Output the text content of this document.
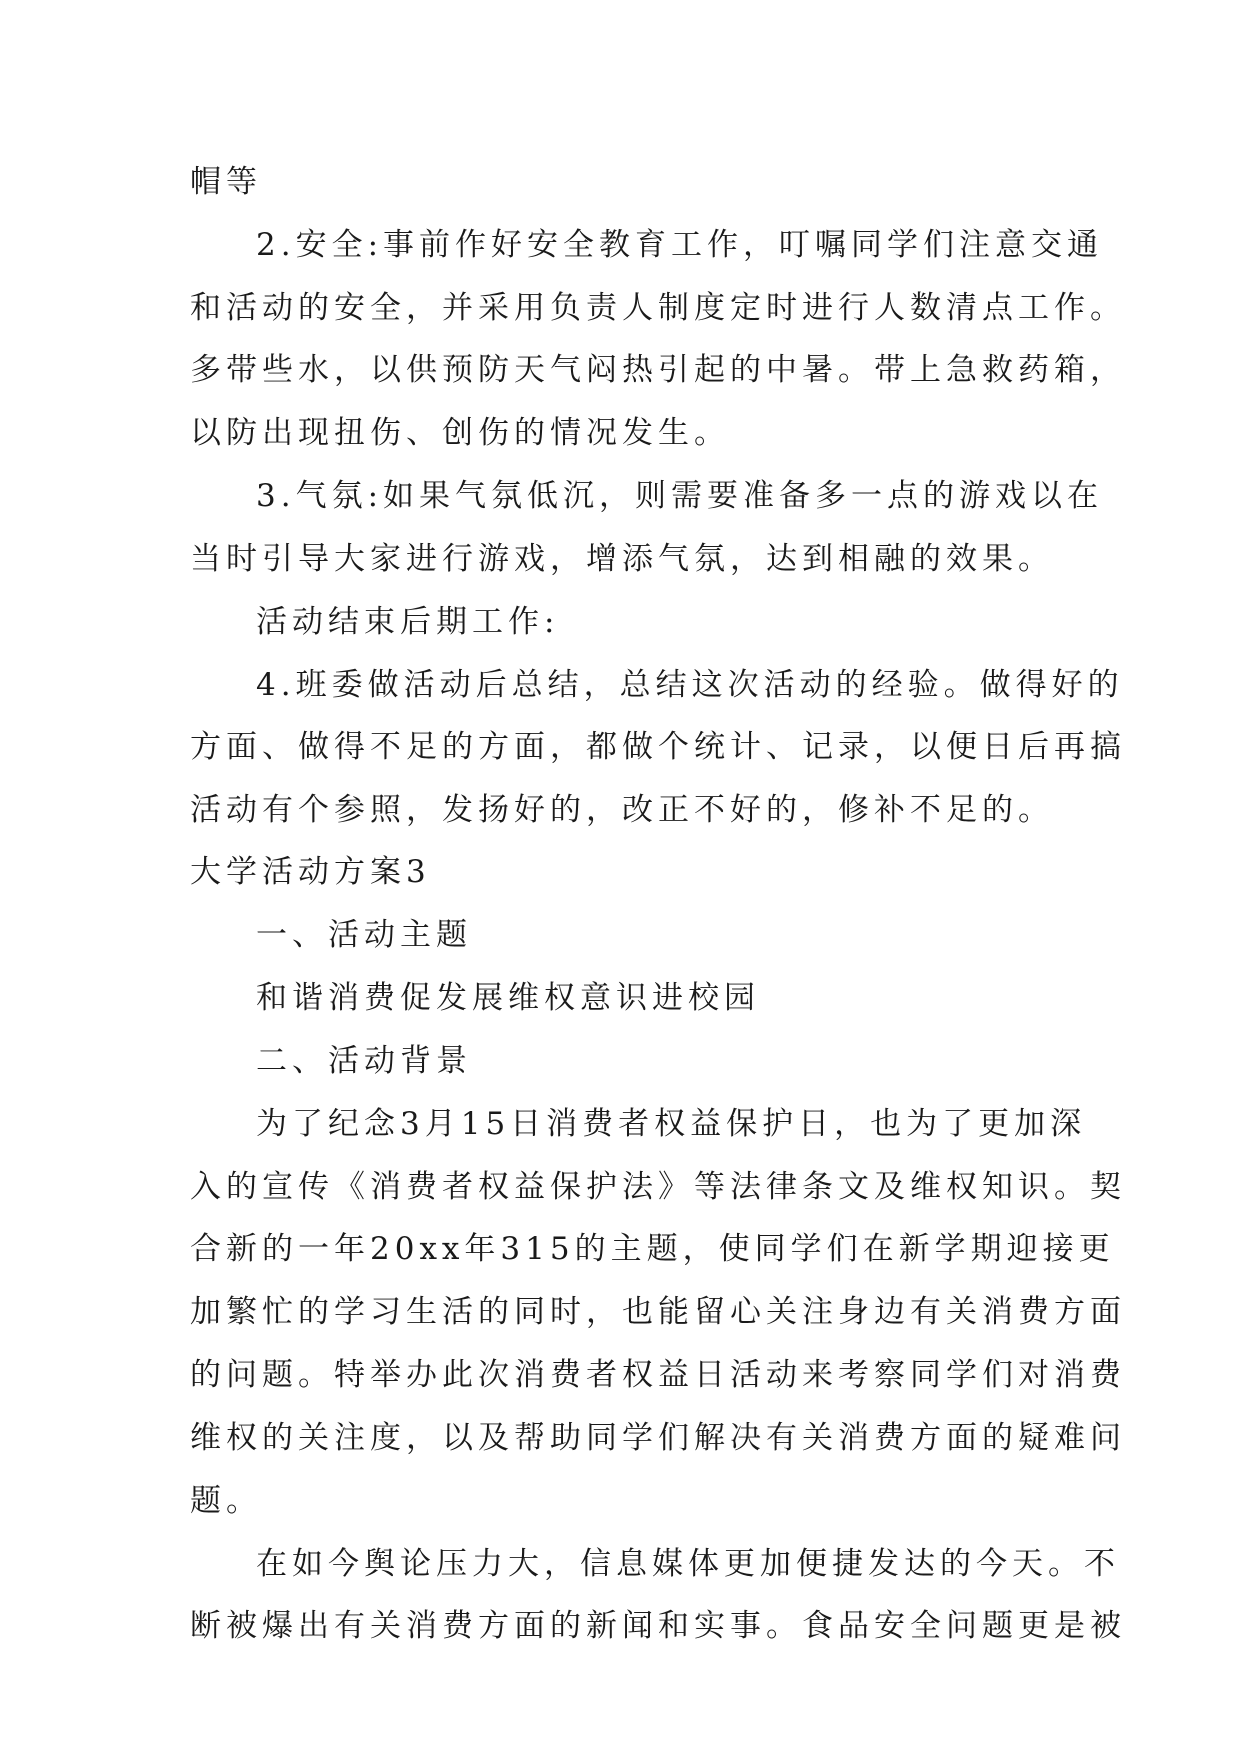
帽等
2.安全:事前作好安全教育工作，叮嘱同学们注意交通
和活动的安全，并采用负责人制度定时进行人数清点工作。
多带些水，以供预防天气闷热引起的中暑。带上急救药箱，
以防出现扭伤、创伤的情况发生。
3.气氛:如果气氛低沉，则需要准备多一点的游戏以在
当时引导大家进行游戏，增添气氛，达到相融的效果。
活动结束后期工作:
4.班委做活动后总结，总结这次活动的经验。做得好的
方面、做得不足的方面，都做个统计、记录，以便日后再搞
活动有个参照，发扬好的，改正不好的，修补不足的。
大学活动方案3
一、活动主题
和谐消费促发展维权意识进校园
二、活动背景
为了纪念3月15日消费者权益保护日，也为了更加深
入的宣传《消费者权益保护法》等法律条文及维权知识。契
合新的一年20xx年315的主题，使同学们在新学期迎接更
加繁忙的学习生活的同时，也能留心关注身边有关消费方面
的问题。特举办此次消费者权益日活动来考察同学们对消费
维权的关注度，以及帮助同学们解决有关消费方面的疑难问
题。
在如今舆论压力大，信息媒体更加便捷发达的今天。不
断被爆出有关消费方面的新闻和实事。食品安全问题更是被
